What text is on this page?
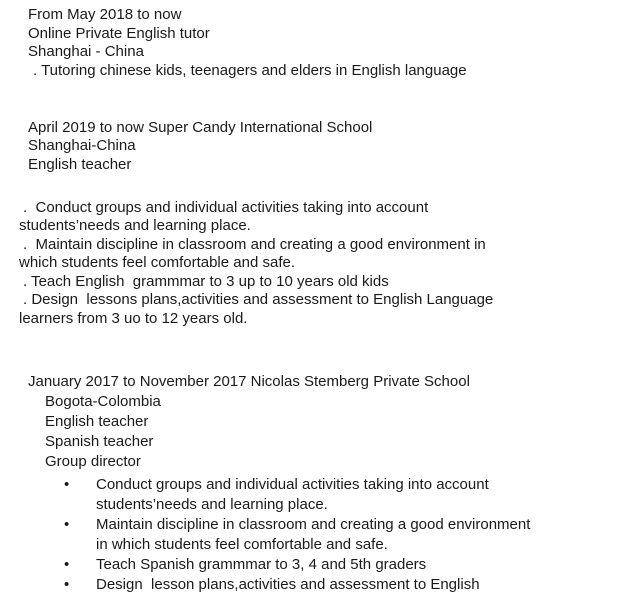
From May 2018 to now
Online Private English tutor
Shanghai - China
. Tutoring chinese kids, teenagers and elders in English language
April 2019 to now Super Candy International School
Shanghai-China
English teacher
.  Conduct groups and individual activities taking into account
students’needs and learning place.
.  Maintain discipline in classroom and creating a good environment in
which students feel comfortable and safe.
. Teach English  grammmar to 3 up to 10 years old kids
. Design  lessons plans,activities and assessment to English Language
learners from 3 uo to 12 years old.
January 2017 to November 2017 Nicolas Stemberg Private School
Bogota-Colombia
English teacher
Spanish teacher
Group director
• Conduct groups and individual activities taking into account
students’needs and learning place.
• Maintain discipline in classroom and creating a good environment
in which students feel comfortable and safe.
• Teach Spanish grammmar to 3, 4 and 5th graders
• Design  lesson plans,activities and assessment to English
